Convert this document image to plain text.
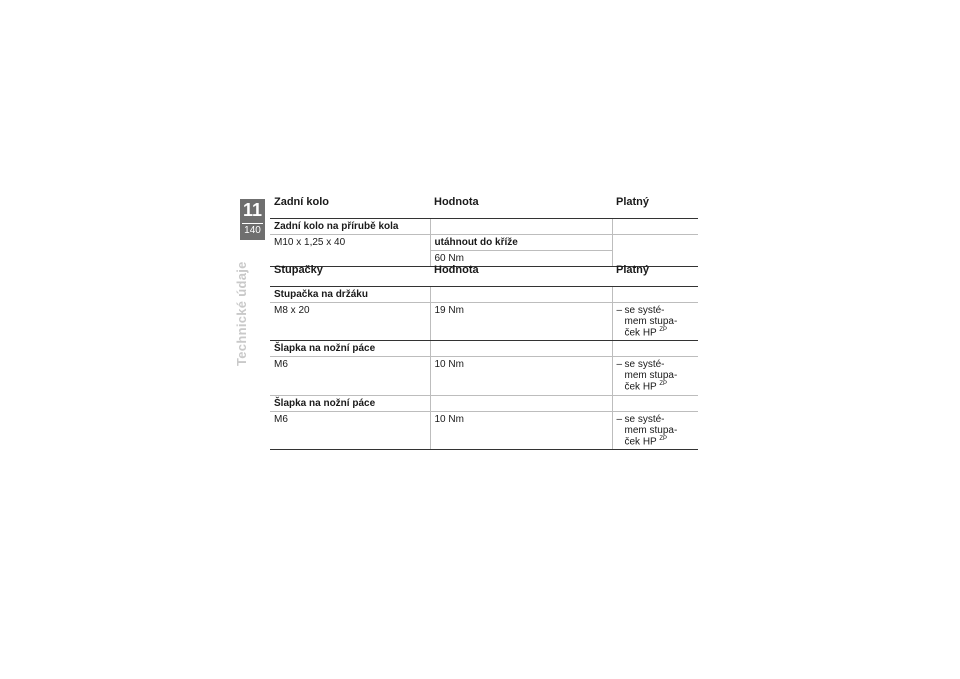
11
140
Technické údaje
Zadní kolo	Hodnota	Platný
Zadní kolo na přírubě kola		
M10 x 1,25 x 40	utáhnout do kříže	
	60 Nm	
Stupačky	Hodnota	Platný
Stupačka na držáku		
M8 x 20	19 Nm	– se systé-
mem stupa-
ček HP $^{ZP}$

Šlapka na nožní páce		
M6	10 Nm	– se systé-
mem stupa-
ček HP $^{ZP}$

Šlapka na nožní páce		
M6	10 Nm	– se systé-
mem stupa-
ček HP $^{ZP}$
